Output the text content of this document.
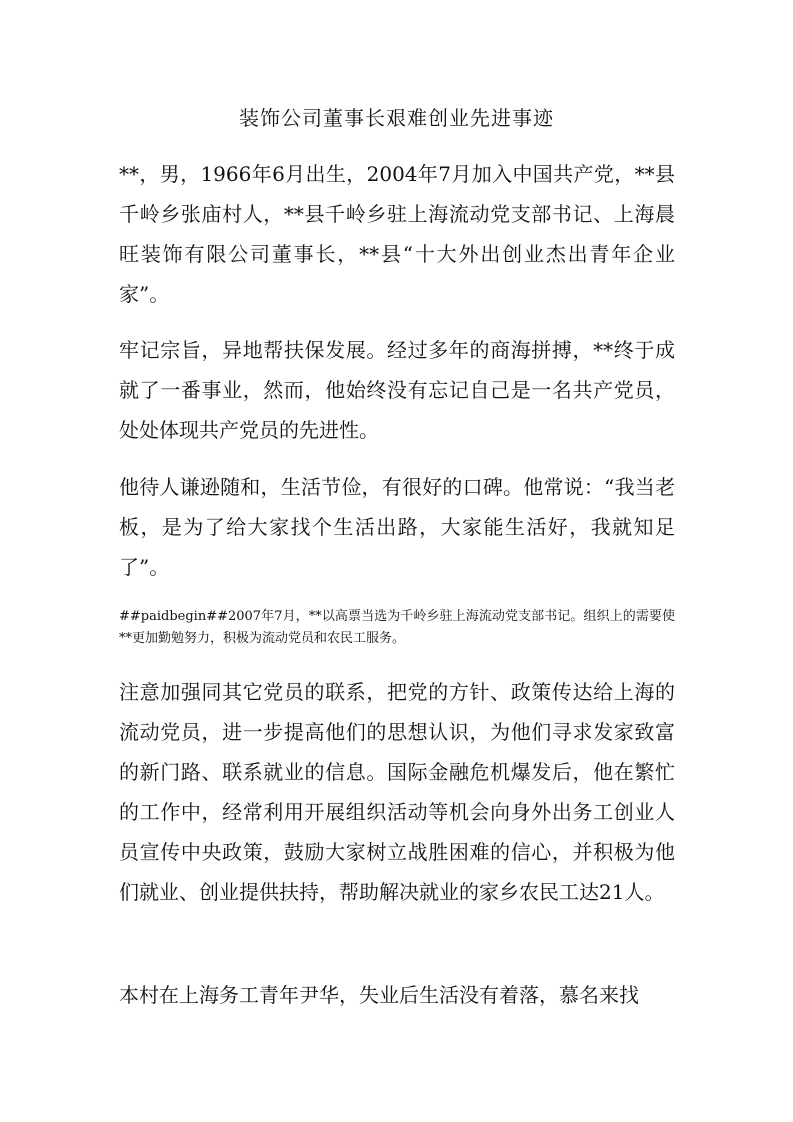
装饰公司董事长艰难创业先进事迹
**，男，1966年6月出生，2004年7月加入中国共产党，**县千岭乡张庙村人，**县千岭乡驻上海流动党支部书记、上海晨旺装饰有限公司董事长，**县“十大外出创业杰出青年企业家”。
牢记宗旨，异地帮扶保发展。经过多年的商海拼搏，**终于成就了一番事业，然而，他始终没有忘记自己是一名共产党员，处处体现共产党员的先进性。
他待人谦逊随和，生活节俭，有很好的口碑。他常说：“我当老板，是为了给大家找个生活出路，大家能生活好，我就知足了”。
##paidbegin##2007年7月，**以高票当选为千岭乡驻上海流动党支部书记。组织上的需要使**更加勤勉努力，积极为流动党员和农民工服务。
注意加强同其它党员的联系，把党的方针、政策传达给上海的流动党员，进一步提高他们的思想认识，为他们寻求发家致富的新门路、联系就业的信息。国际金融危机爆发后，他在繁忙的工作中，经常利用开展组织活动等机会向身外出务工创业人员宣传中央政策，鼓励大家树立战胜困难的信心，并积极为他们就业、创业提供扶持，帮助解决就业的家乡农民工达21人。
本村在上海务工青年尹华，失业后生活没有着落，慕名来找
